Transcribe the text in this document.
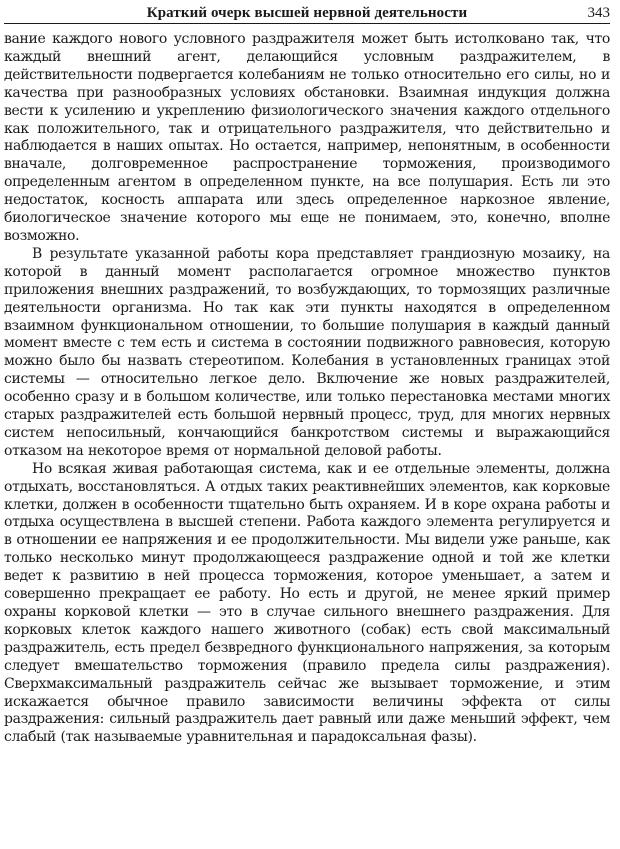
Краткий очерк высшей нервной деятельности	343

вание каждого нового условного раздражителя может быть истолковано так, что каждый внешний агент, делающийся условным раздражителем, в действительности подвергается колебаниям не только относительно его силы, но и качества при разнообразных условиях обстановки. Взаимная индукция должна вести к усилению и укреплению физиологического значения каждого отдельного как положительного, так и отрицательного раздражителя, что действительно и наблюдается в наших опытах. Но остается, например, непонятным, в особенности вначале, долговременное распространение торможения, производимого определенным агентом в определенном пункте, на все полушария. Есть ли это недостаток, косность аппарата или здесь определенное наркозное явление, биологическое значение которого мы еще не понимаем, это, конечно, вполне возможно.

В результате указанной работы кора представляет грандиозную мозаику, на которой в данный момент располагается огромное множество пунктов приложения внешних раздражений, то возбуждающих, то тормозящих различные деятельности организма. Но так как эти пункты находятся в определенном взаимном функциональном отношении, то большие полушария в каждый данный момент вместе с тем есть и система в состоянии подвижного равновесия, которую можно было бы назвать стереотипом. Колебания в установленных границах этой системы — относительно легкое дело. Включение же новых раздражителей, особенно сразу и в большом количестве, или только перестановка местами многих старых раздражителей есть большой нервный процесс, труд, для многих нервных систем непосильный, кончающийся банкротством системы и выражающийся отказом на некоторое время от нормальной деловой работы.

Но всякая живая работающая система, как и ее отдельные элементы, должна отдыхать, восстановляться. А отдых таких реактивнейших элементов, как корковые клетки, должен в особенности тщательно быть охраняем. И в коре охрана работы и отдыха осуществлена в высшей степени. Работа каждого элемента регулируется и в отношении ее напряжения и ее продолжительности. Мы видели уже раньше, как только несколько минут продолжающееся раздражение одной и той же клетки ведет к развитию в ней процесса торможения, которое уменьшает, а затем и совершенно прекращает ее работу. Но есть и другой, не менее яркий пример охраны корковой клетки — это в случае сильного внешнего раздражения. Для корковых клеток каждого нашего животного (собак) есть свой максимальный раздражитель, есть предел безвредного функционального напряжения, за которым следует вмешательство торможения (правило предела силы раздражения). Сверхмаксимальный раздражитель сейчас же вызывает торможение, и этим искажается обычное правило зависимости величины эффекта от силы раздражения: сильный раздражитель дает равный или даже меньший эффект, чем слабый (так называемые уравнительная и парадоксальная фазы).
